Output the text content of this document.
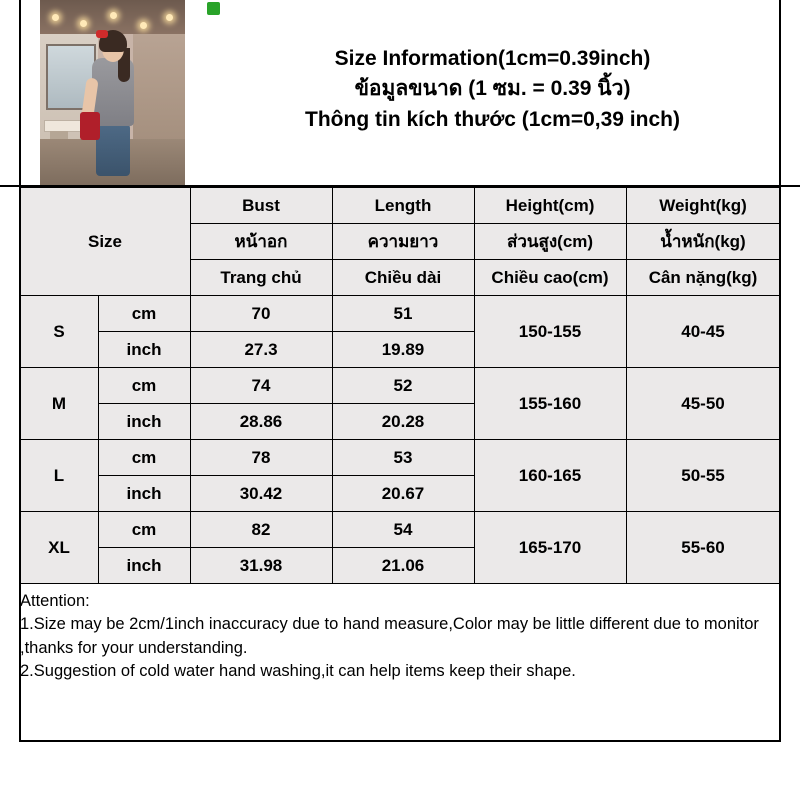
Size Information(1cm=0.39inch)
ข้อมูลขนาด (1 ซม. = 0.39 นิ้ว)
Thông tin kích thước (1cm=0,39 inch)
Size		Bust	Length	Height(cm)	Weight(kg)
		หน้าอก	ความยาว	ส่วนสูง(cm)	น้ำหนัก(kg)
		Trang chủ	Chiều dài	Chiều cao(cm)	Cân nặng(kg)
S	cm	70	51	150-155	40-45
	inch	27.3	19.89		
M	cm	74	52	155-160	45-50
	inch	28.86	20.28		
L	cm	78	53	160-165	50-55
	inch	30.42	20.67		
XL	cm	82	54	165-170	55-60
	inch	31.98	21.06		
Attention:
1.Size may be 2cm/1inch inaccuracy due to hand measure,Color may be little different due to monitor ,thanks for your understanding.
2.Suggestion of cold water hand washing,it can help items keep their shape.
